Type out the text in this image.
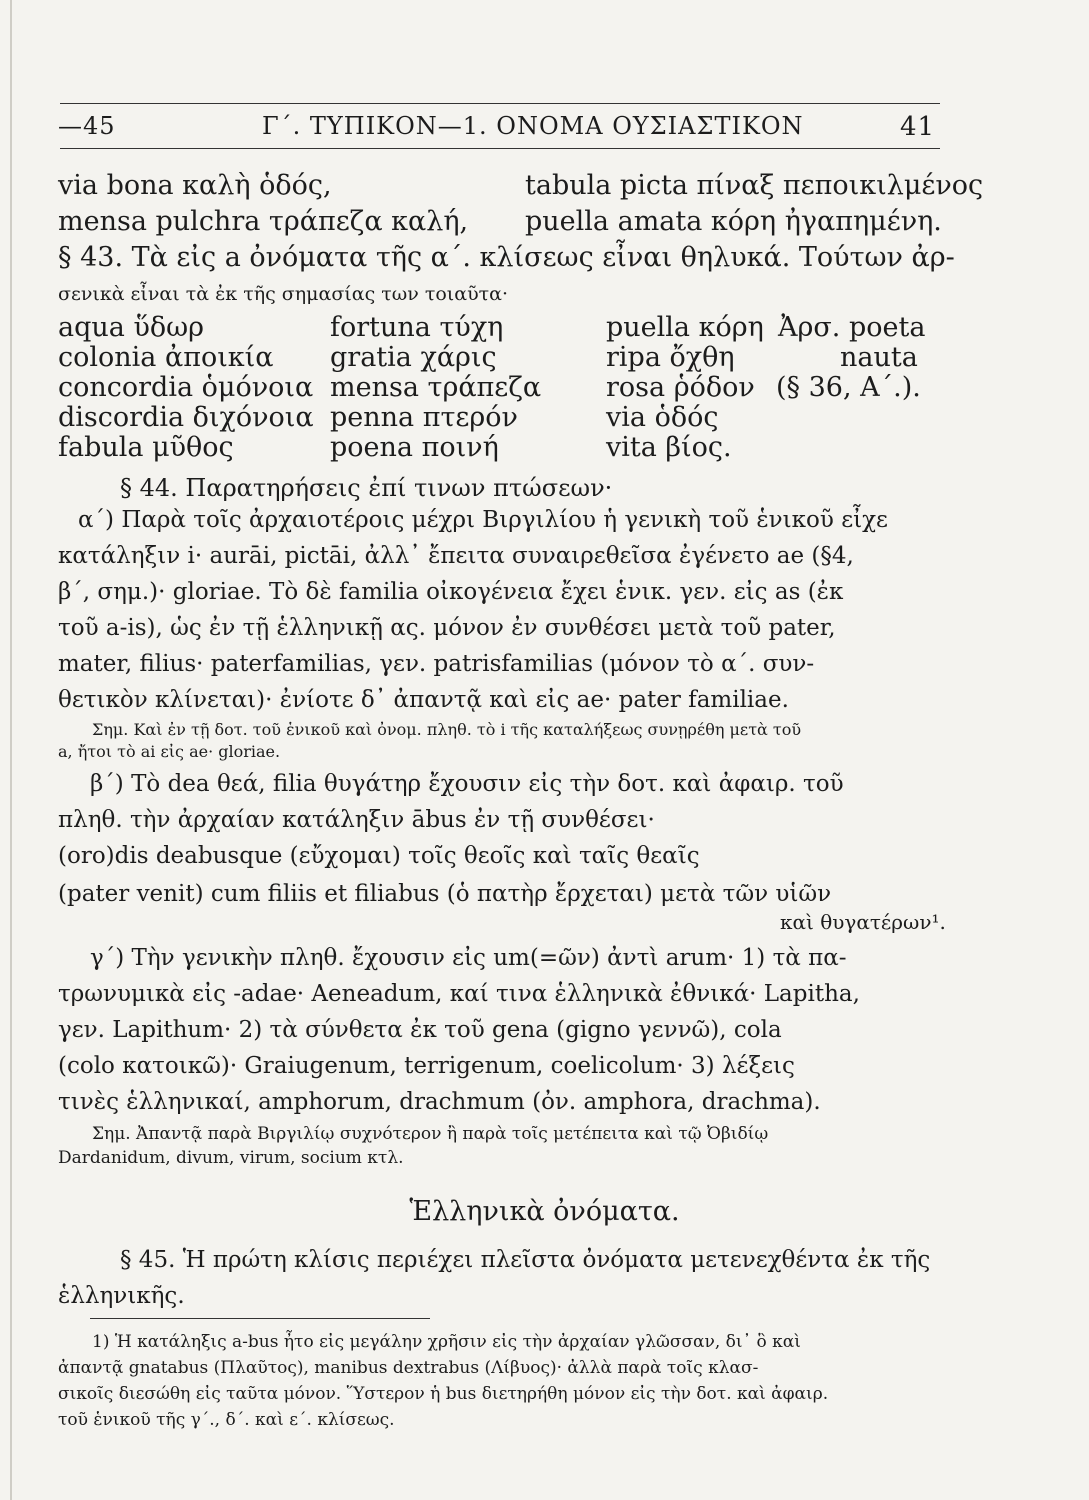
—45	Γ΄. ΤΥΠΙΚΟΝ—1. ΟΝΟΜΑ ΟΥΣΙΑΣΤΙΚΟΝ	41
via bona καλὴ ὁδός,
mensa pulchra τράπεζα καλή,
tabula picta πίναξ πεποικιλμένος
puella amata κόρη ἠγαπημένη.
§ 43. Τὰ εἰς a ὀνόματα τῆς α΄. κλίσεως εἶναι θηλυκά. Τούτων ἀρ-
σενικὰ εἶναι τὰ ἐκ τῆς σημασίας των τοιαῦτα·
aqua ὕδωρ
colonia ἀποικία
concordia ὁμόνοια
discordia διχόνοια
fabula μῦθος
fortuna τύχη
gratia χάρις
mensa τράπεζα
penna πτερόν
poena ποινή
puella κόρη
ripa ὄχθη
rosa ῥόδον
via ὁδός
vita βίος.
Ἀρσ. poeta
nauta
(§ 36, Α΄.).
§ 44. Παρατηρήσεις ἐπί τινων πτώσεων·
α΄) Παρὰ τοῖς ἀρχαιοτέροις μέχρι Βιργιλίου ἡ γενικὴ τοῦ ἑνικοῦ εἶχε
κατάληξιν i· aurāi, pictāi, ἀλλ᾽ ἔπειτα συναιρεθεῖσα ἐγένετο ae (§4,
β΄, σημ.)· gloriae. Τὸ δὲ familia οἰκογένεια ἔχει ἑνικ. γεν. εἰς as (ἐκ
τοῦ a-is), ὡς ἐν τῇ ἑλληνικῇ ας. μόνον ἐν συνθέσει μετὰ τοῦ pater,
mater, filius· paterfamilias, γεν. patrisfamilias (μόνον τὸ α΄. συν-
θετικὸν κλίνεται)· ἐνίοτε δ᾽ ἀπαντᾷ καὶ εἰς ae· pater familiae.
Σημ. Καὶ ἐν τῇ δοτ. τοῦ ἑνικοῦ καὶ ὀνομ. πληθ. τὸ i τῆς καταλήξεως συνῃρέθη μετὰ τοῦ
a, ἤτοι τὸ ai εἰς ae· gloriae.
β΄) Τὸ dea θεά, filia θυγάτηρ ἔχουσιν εἰς τὴν δοτ. καὶ ἀφαιρ. τοῦ
πληθ. τὴν ἀρχαίαν κατάληξιν ābus ἐν τῇ συνθέσει·
(oro)dis deabusque (εὔχομαι) τοῖς θεοῖς καὶ ταῖς θεαῖς
(pater venit) cum filiis et filiabus (ὁ πατὴρ ἔρχεται) μετὰ τῶν υἱῶν
καὶ θυγατέρων¹.
γ΄) Τὴν γενικὴν πληθ. ἔχουσιν εἰς um(=ῶν) ἀντὶ arum· 1) τὰ πα-
τρωνυμικὰ εἰς -adae· Aeneadum, καί τινα ἑλληνικὰ ἐθνικά· Lapitha,
γεν. Lapithum· 2) τὰ σύνθετα ἐκ τοῦ gena (gigno γεννῶ), cola
(colo κατοικῶ)· Graiugenum, terrigenum, coelicolum· 3) λέξεις
τινὲς ἑλληνικαί, amphorum, drachmum (ὀν. amphora, drachma).
Σημ. Ἀπαντᾷ παρὰ Βιργιλίῳ συχνότερον ἢ παρὰ τοῖς μετέπειτα καὶ τῷ Ὀβιδίῳ
Dardanidum, divum, virum, socium κτλ.
Ἑλληνικὰ ὀνόματα.
§ 45. Ἡ πρώτη κλίσις περιέχει πλεῖστα ὀνόματα μετενεχθέντα ἐκ τῆς
ἑλληνικῆς.
1) Ἡ κατάληξις a-bus ἦτο εἰς μεγάλην χρῆσιν εἰς τὴν ἀρχαίαν γλῶσσαν, δι᾽ ὃ καὶ
ἀπαντᾷ gnatabus (Πλαῦτος), manibus dextrabus (Λίβυος)· ἀλλὰ παρὰ τοῖς κλασ-
σικοῖς διεσώθη εἰς ταῦτα μόνον. Ὕστερον ἡ bus διετηρήθη μόνον εἰς τὴν δοτ. καὶ ἀφαιρ.
τοῦ ἑνικοῦ τῆς γ΄., δ΄. καὶ ε΄. κλίσεως.
